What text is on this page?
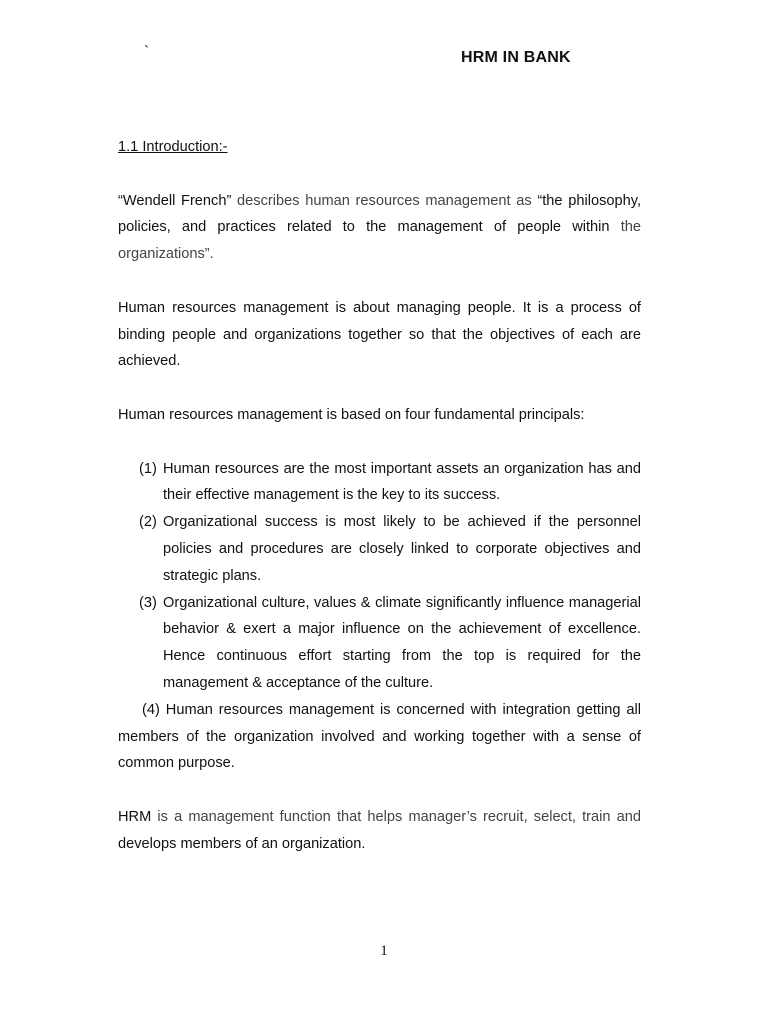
`	HRM IN BANK
1.1 Introduction:-

“Wendell French” describes human resources management as “the philosophy, policies, and practices related to the management of people within the organizations”.

Human resources management is about managing people. It is a process of binding people and organizations together so that the objectives of each are achieved.

Human resources management is based on four fundamental principals:

(1) Human resources are the most important assets an organization has and their effective management is the key to its success.
(2) Organizational success is most likely to be achieved if the personnel policies and procedures are closely linked to corporate objectives and strategic plans.
(3) Organizational culture, values & climate significantly influence managerial behavior & exert a major influence on the achievement of excellence. Hence continuous effort starting from the top is required for the management & acceptance of the culture.
(4) Human resources management is concerned with integration getting all members of the organization involved and working together with a sense of common purpose.

HRM is a management function that helps manager’s recruit, select, train and develops members of an organization.

1
